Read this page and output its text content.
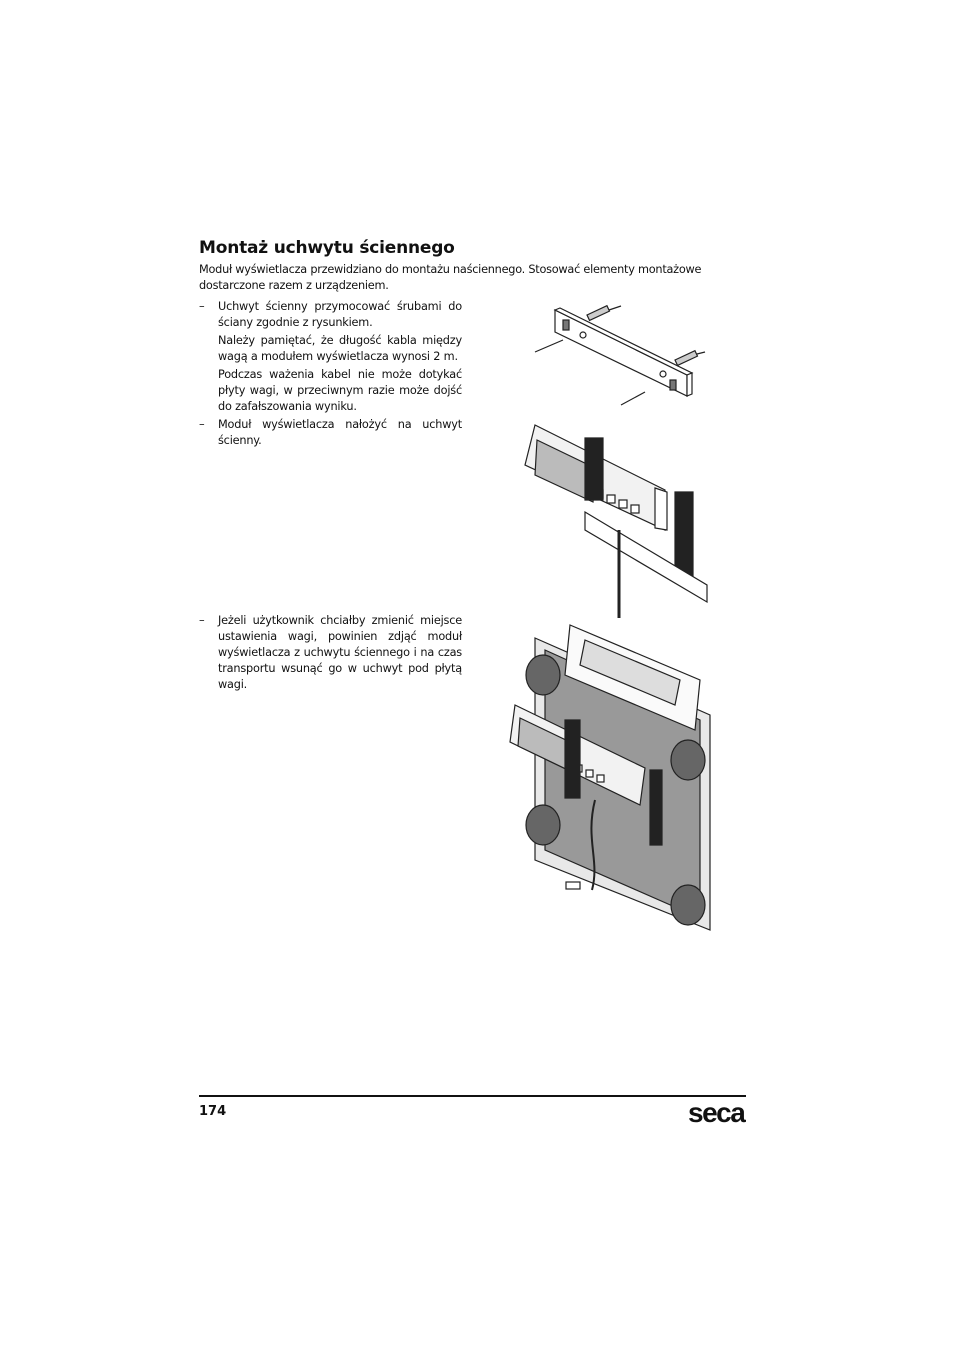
Montaż uchwytu ściennego
Moduł wyświetlacza przewidziano do montażu naściennego. Stosować elementy montażowe dostarczone razem z urządzeniem.
– Uchwyt ścienny przymocować śrubami do ściany zgodnie z rysunkiem.
Należy pamiętać, że długość kabla między wagą a modułem wyświetlacza wynosi 2 m.
Podczas ważenia kabel nie może dotykać płyty wagi, w przeciwnym razie może dojść do zafałszowania wyniku.
– Moduł wyświetlacza nałożyć na uchwyt ścienny.
– Jeżeli użytkownik chciałby zmienić miejsce ustawienia wagi, powinien zdjąć moduł wyświetlacza z uchwytu ściennego i na czas transportu wsunąć go w uchwyt pod płytą wagi.
174	seca
